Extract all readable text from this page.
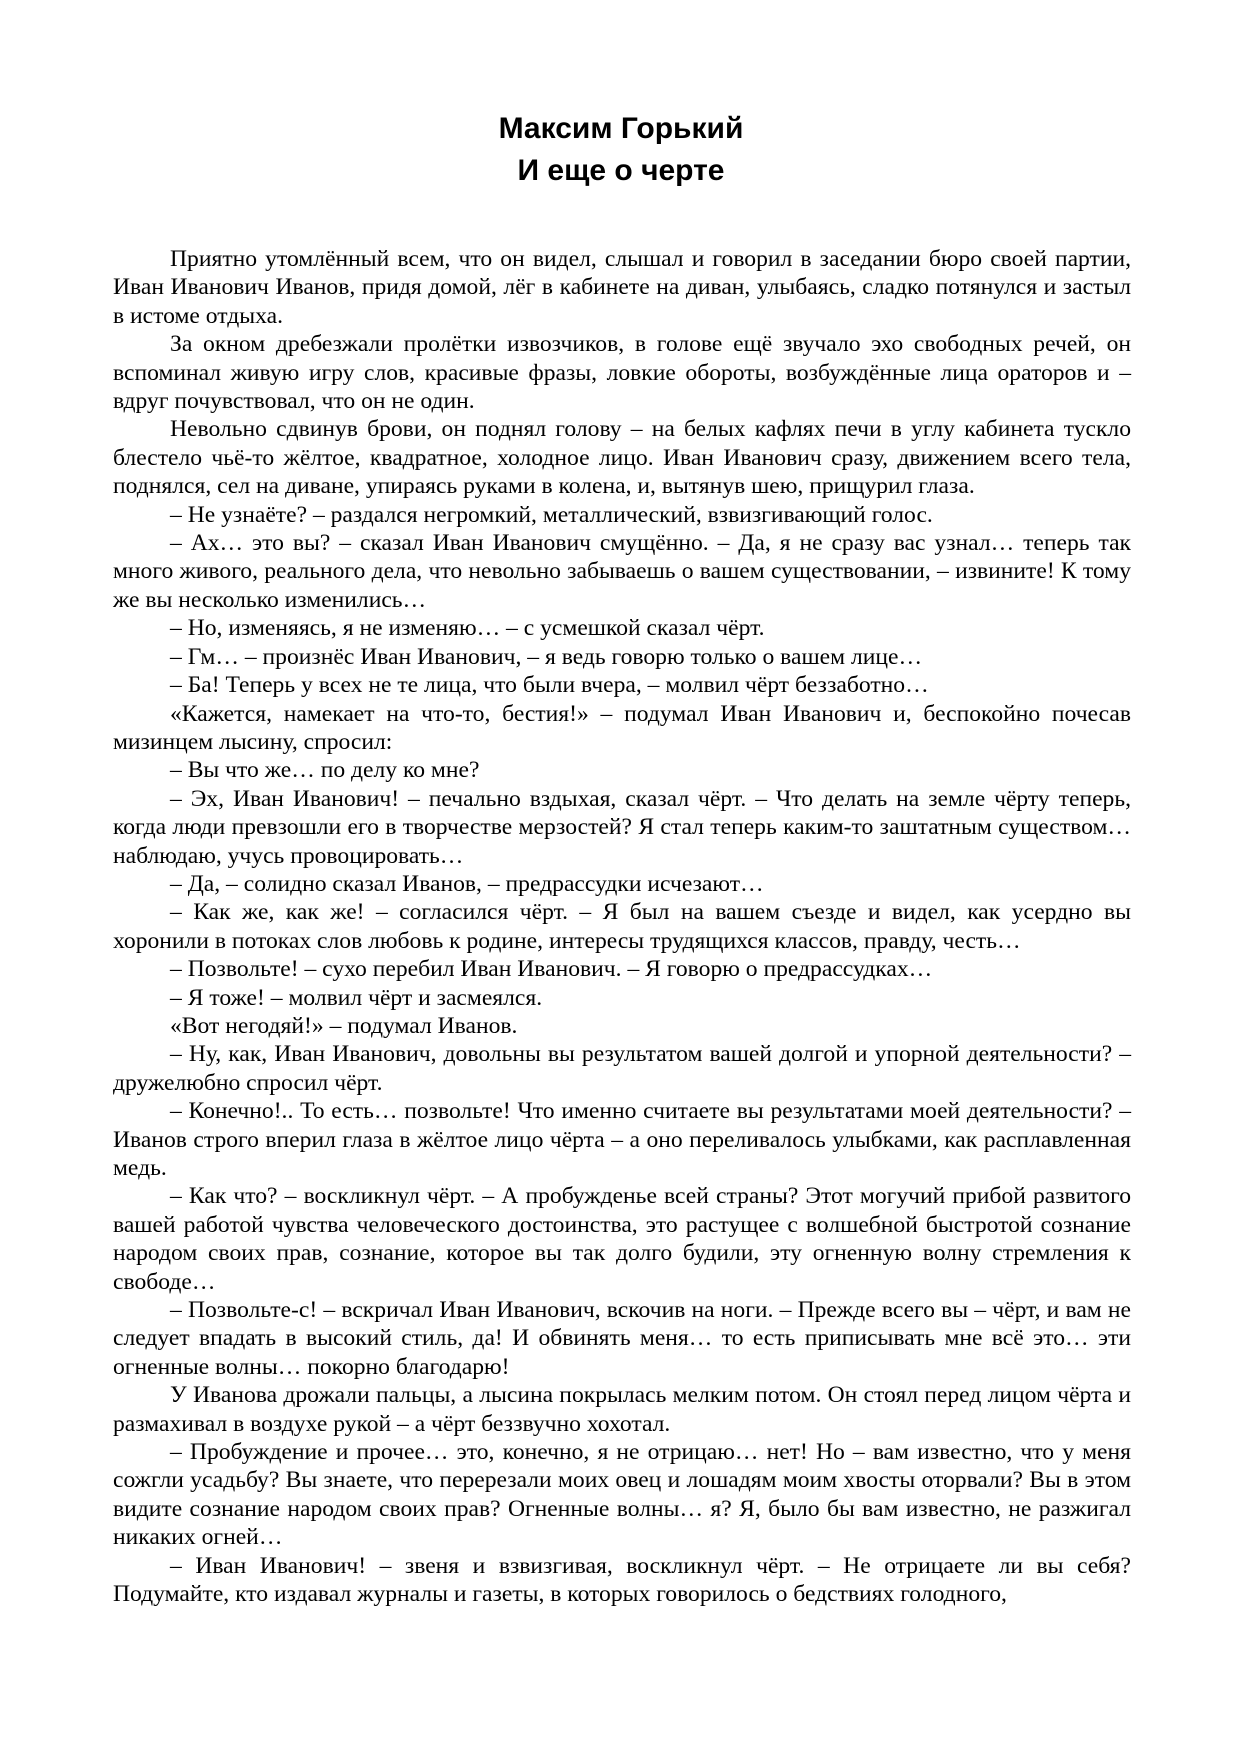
Максим Горький
И еще о черте

Приятно утомлённый всем, что он видел, слышал и говорил в заседании бюро своей партии, Иван Иванович Иванов, придя домой, лёг в кабинете на диван, улыбаясь, сладко потянулся и застыл в истоме отдыха.

За окном дребезжали пролётки извозчиков, в голове ещё звучало эхо свободных речей, он вспоминал живую игру слов, красивые фразы, ловкие обороты, возбуждённые лица ораторов и – вдруг почувствовал, что он не один.

Невольно сдвинув брови, он поднял голову – на белых кафлях печи в углу кабинета тускло блестело чьё-то жёлтое, квадратное, холодное лицо. Иван Иванович сразу, движением всего тела, поднялся, сел на диване, упираясь руками в колена, и, вытянув шею, прищурил глаза.

– Не узнаёте? – раздался негромкий, металлический, взвизгивающий голос.

– Ах… это вы? – сказал Иван Иванович смущённо. – Да, я не сразу вас узнал… теперь так много живого, реального дела, что невольно забываешь о вашем существовании, – извините! К тому же вы несколько изменились…

– Но, изменяясь, я не изменяю… – с усмешкой сказал чёрт.

– Гм… – произнёс Иван Иванович, – я ведь говорю только о вашем лице…

– Ба! Теперь у всех не те лица, что были вчера, – молвил чёрт беззаботно…

«Кажется, намекает на что-то, бестия!» – подумал Иван Иванович и, беспокойно почесав мизинцем лысину, спросил:

– Вы что же… по делу ко мне?

– Эх, Иван Иванович! – печально вздыхая, сказал чёрт. – Что делать на земле чёрту теперь, когда люди превзошли его в творчестве мерзостей? Я стал теперь каким-то заштатным существом… наблюдаю, учусь провоцировать…

– Да, – солидно сказал Иванов, – предрассудки исчезают…

– Как же, как же! – согласился чёрт. – Я был на вашем съезде и видел, как усердно вы хоронили в потоках слов любовь к родине, интересы трудящихся классов, правду, честь…

– Позвольте! – сухо перебил Иван Иванович. – Я говорю о предрассудках…

– Я тоже! – молвил чёрт и засмеялся.

«Вот негодяй!» – подумал Иванов.

– Ну, как, Иван Иванович, довольны вы результатом вашей долгой и упорной деятельности? – дружелюбно спросил чёрт.

– Конечно!.. То есть… позвольте! Что именно считаете вы результатами моей деятельности? – Иванов строго вперил глаза в жёлтое лицо чёрта – а оно переливалось улыбками, как расплавленная медь.

– Как что? – воскликнул чёрт. – А пробужденье всей страны? Этот могучий прибой развитого вашей работой чувства человеческого достоинства, это растущее с волшебной быстротой сознание народом своих прав, сознание, которое вы так долго будили, эту огненную волну стремления к свободе…

– Позвольте-с! – вскричал Иван Иванович, вскочив на ноги. – Прежде всего вы – чёрт, и вам не следует впадать в высокий стиль, да! И обвинять меня… то есть приписывать мне всё это… эти огненные волны… покорно благодарю!

У Иванова дрожали пальцы, а лысина покрылась мелким потом. Он стоял перед лицом чёрта и размахивал в воздухе рукой – а чёрт беззвучно хохотал.

– Пробуждение и прочее… это, конечно, я не отрицаю… нет! Но – вам известно, что у меня сожгли усадьбу? Вы знаете, что перерезали моих овец и лошадям моим хвосты оторвали? Вы в этом видите сознание народом своих прав? Огненные волны… я? Я, было бы вам известно, не разжигал никаких огней…

– Иван Иванович! – звеня и взвизгивая, воскликнул чёрт. – Не отрицаете ли вы себя? Подумайте, кто издавал журналы и газеты, в которых говорилось о бедствиях голодного,
